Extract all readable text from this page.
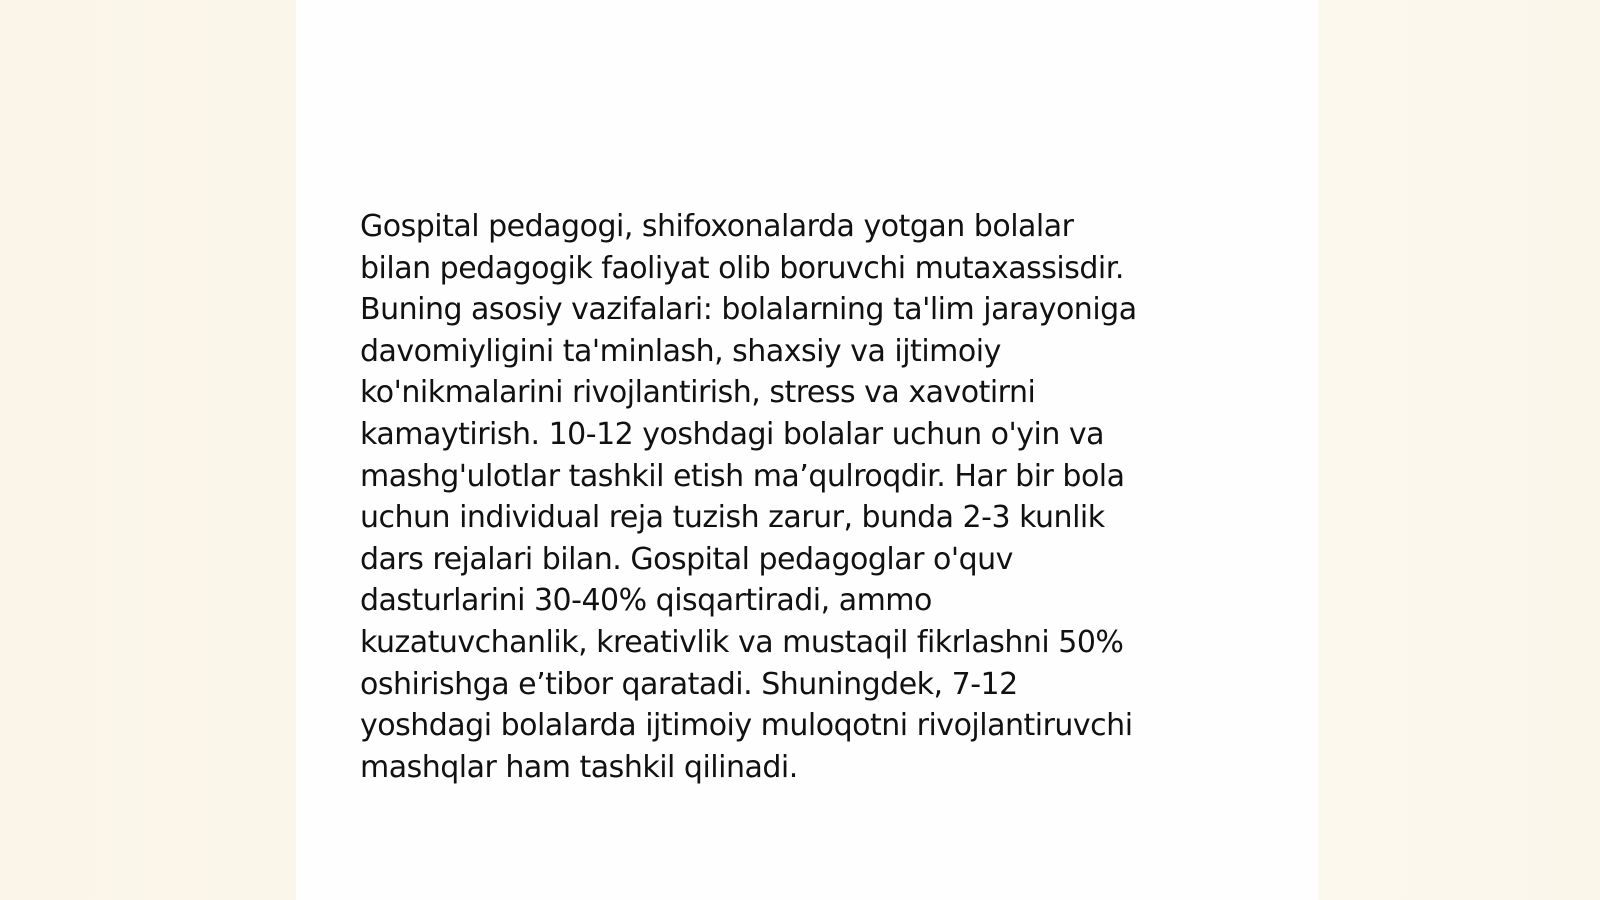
Gospital pedagogi, shifoxonalarda yotgan bolalar
bilan pedagogik faoliyat olib boruvchi mutaxassisdir.
Buning asosiy vazifalari: bolalarning ta'lim jarayoniga
davomiyligini ta'minlash, shaxsiy va ijtimoiy
ko'nikmalarini rivojlantirish, stress va xavotirni
kamaytirish. 10-12 yoshdagi bolalar uchun o'yin va
mashg'ulotlar tashkil etish ma’qulroqdir. Har bir bola
uchun individual reja tuzish zarur, bunda 2-3 kunlik
dars rejalari bilan. Gospital pedagoglar o'quv
dasturlarini 30-40% qisqartiradi, ammo
kuzatuvchanlik, kreativlik va mustaqil fikrlashni 50%
oshirishga e’tibor qaratadi. Shuningdek, 7-12
yoshdagi bolalarda ijtimoiy muloqotni rivojlantiruvchi
mashqlar ham tashkil qilinadi.
